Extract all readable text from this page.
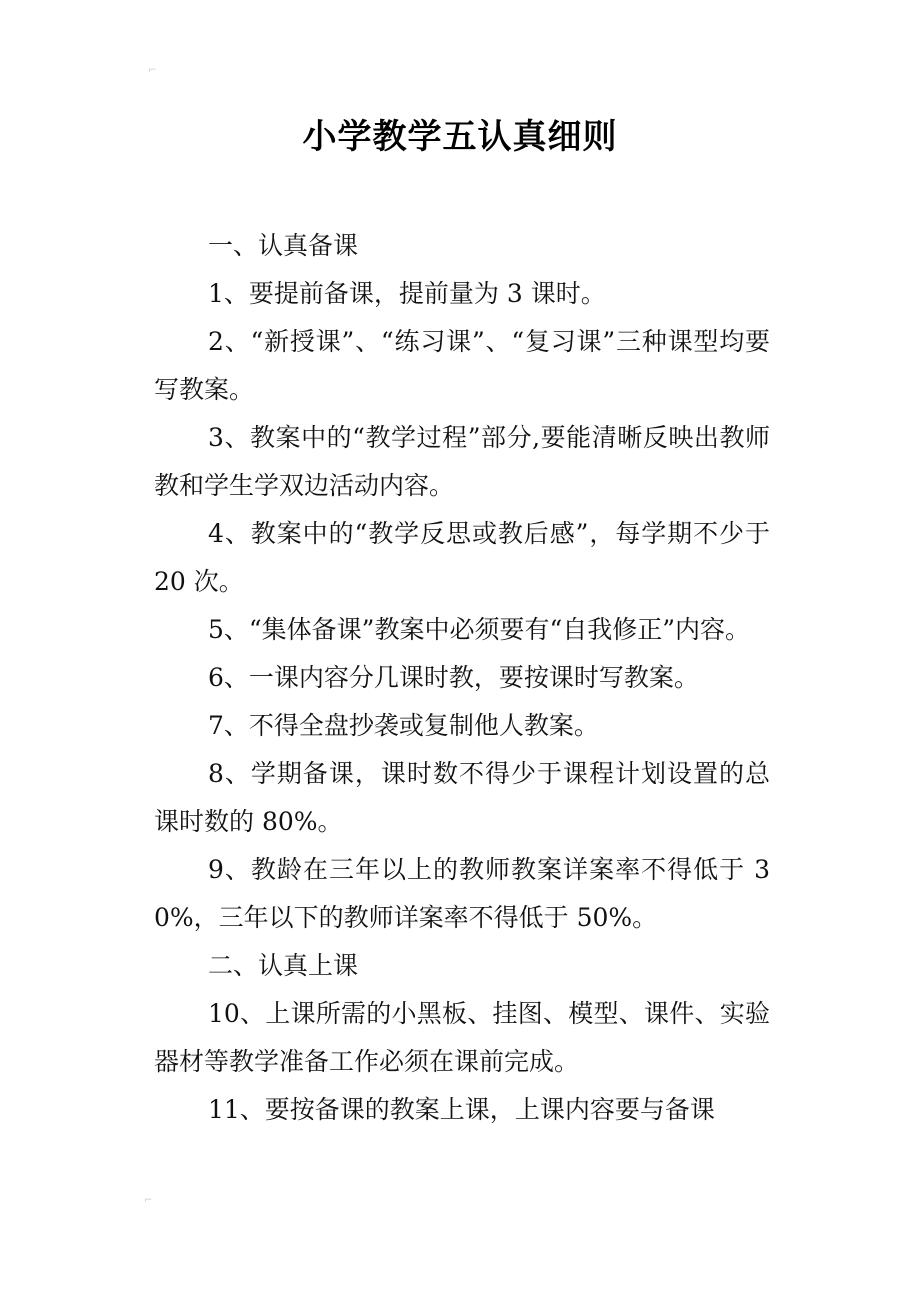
⌐
⌐
小学教学五认真细则

一、认真备课

1、要提前备课，提前量为 3 课时。

2、“新授课”、“练习课”、“复习课”三种课型均要写教案。

3、教案中的“教学过程”部分,要能清晰反映出教师教和学生学双边活动内容。

4、教案中的“教学反思或教后感”，每学期不少于 20 次。

5、“集体备课”教案中必须要有“自我修正”内容。

6、一课内容分几课时教，要按课时写教案。

7、不得全盘抄袭或复制他人教案。

8、学期备课，课时数不得少于课程计划设置的总课时数的 80%。

9、教龄在三年以上的教师教案详案率不得低于 30%，三年以下的教师详案率不得低于 50%。

二、认真上课

10、上课所需的小黑板、挂图、模型、课件、实验器材等教学准备工作必须在课前完成。

11、要按备课的教案上课，上课内容要与备课
